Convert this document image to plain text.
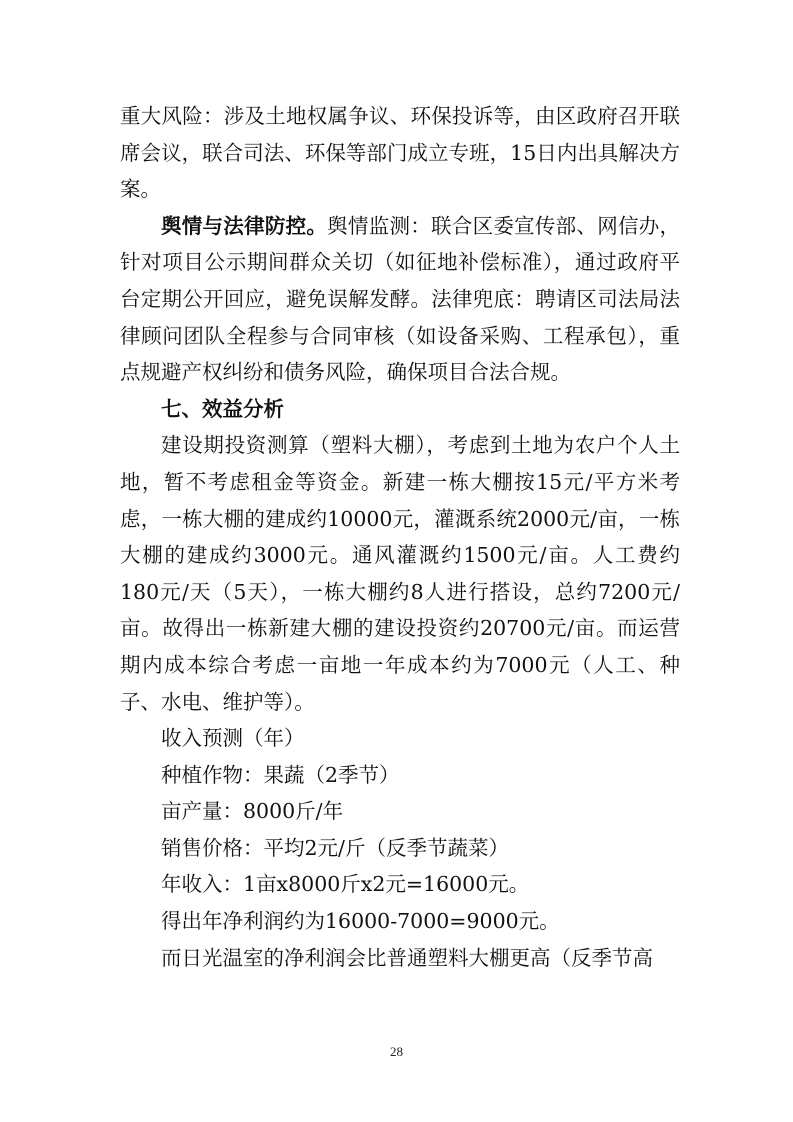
重大风险：涉及土地权属争议、环保投诉等，由区政府召开联席会议，联合司法、环保等部门成立专班，15日内出具解决方案。

舆情与法律防控。舆情监测：联合区委宣传部、网信办，针对项目公示期间群众关切（如征地补偿标准），通过政府平台定期公开回应，避免误解发酵。法律兜底：聘请区司法局法律顾问团队全程参与合同审核（如设备采购、工程承包），重点规避产权纠纷和债务风险，确保项目合法合规。

七、效益分析

建设期投资测算（塑料大棚），考虑到土地为农户个人土地，暂不考虑租金等资金。新建一栋大棚按15元/平方米考虑，一栋大棚的建成约10000元，灌溉系统2000元/亩，一栋大棚的建成约3000元。通风灌溉约1500元/亩。人工费约180元/天（5天），一栋大棚约8人进行搭设，总约7200元/亩。故得出一栋新建大棚的建设投资约20700元/亩。而运营期内成本综合考虑一亩地一年成本约为7000元（人工、种子、水电、维护等）。

收入预测（年）

种植作物：果蔬（2季节）

亩产量：8000斤/年

销售价格：平均2元/斤（反季节蔬菜）

年收入：1亩x8000斤x2元=16000元。

得出年净利润约为16000-7000=9000元。

而日光温室的净利润会比普通塑料大棚更高（反季节高

28
